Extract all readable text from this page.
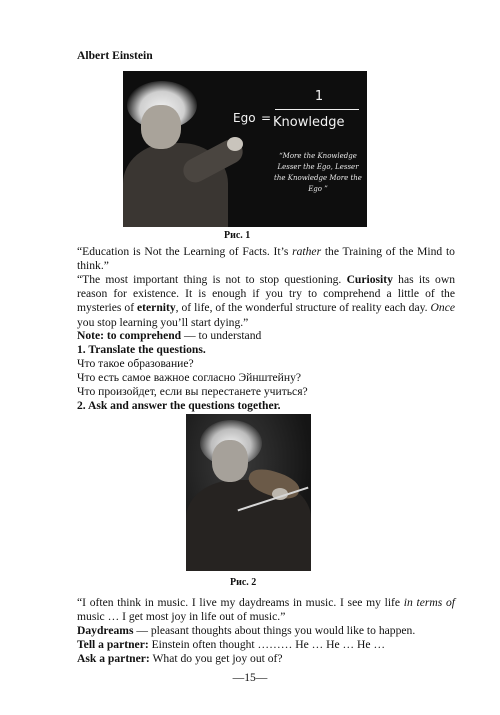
Albert Einstein
Ego =
1
Knowledge
“More the Knowledge Lesser the Ego, Lesser the Knowledge More the Ego ”
Рис. 1
“Education is Not the Learning of Facts. It’s rather the Training of the Mind to think.”
“The most important thing is not to stop questioning. Curiosity has its own reason for existence. It is enough if you try to comprehend a little of the mysteries of eternity, of life, of the wonderful structure of reality each day. Once you stop learning you’ll start dying.”
Note: to comprehend — to understand
1. Translate the questions.
Что такое образование?
Что есть самое важное согласно Эйнштейну?
Что произойдет, если вы перестанете учиться?
2. Ask and answer the questions together.
Рис. 2
“I often think in music. I live my daydreams in music. I see my life in terms of music … I get most joy in life out of music.”
Daydreams — pleasant thoughts about things you would like to happen.
Tell a partner: Einstein often thought ……… He … He … He …
Ask a partner: What do you get joy out of?
—15—
